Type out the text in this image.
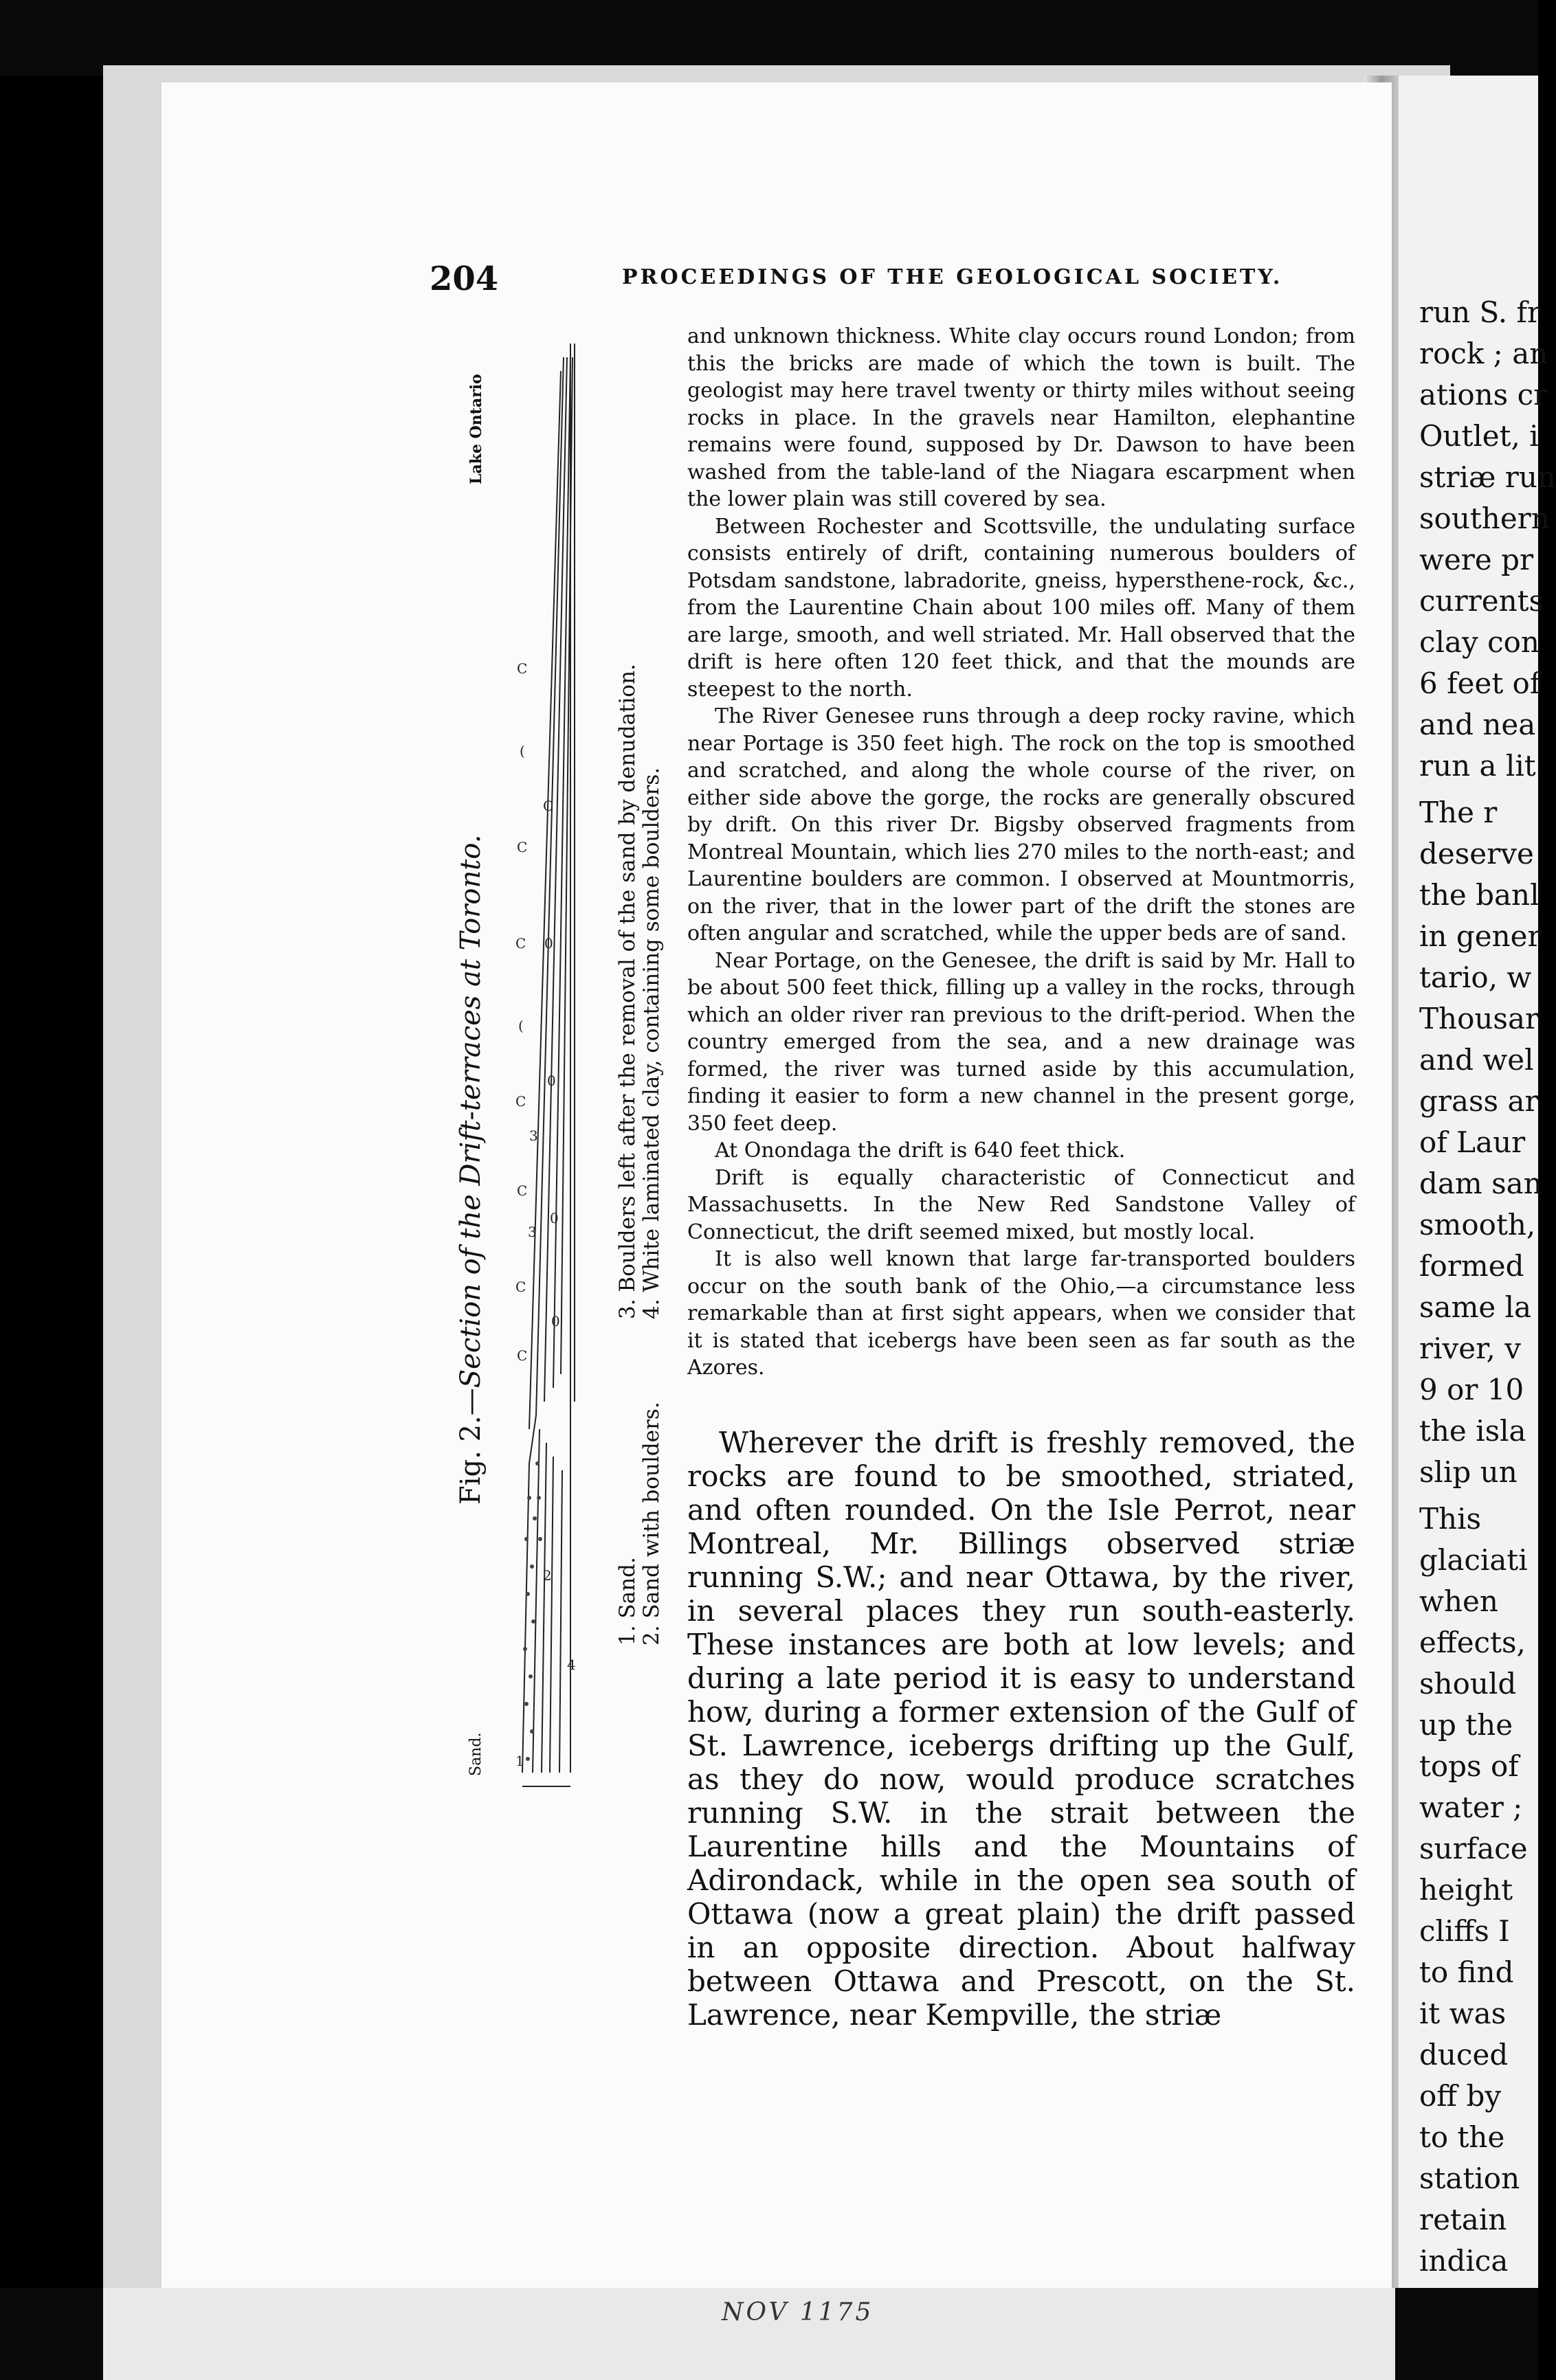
run S. fr
rock ; an
ations cr
Outlet, i
striæ run
southern
were pr
currents
clay con
6 feet of
and nea
run a lit
The r
deserve
the banl
in gener
tario, w
Thousar
and wel
grass ar
of Laur
dam san
smooth,
formed
same la
river, v
9 or 10
the isla
slip un
This
glaciati
when
effects,
should
up the
tops of
water ;
surface
height
cliffs I
to find
it was
duced
off by
to the
station
retain
indica
NOV 1175
204	PROCEEDINGS OF THE GEOLOGICAL SOCIETY.
Fig. 2.—Section of the Drift-terraces at Toronto.
Lake Ontario
Sand.
1. Sand. 2. Sand with boulders.
3. Boulders left after the removal of the sand by denudation. 4. White laminated clay, containing some boulders.
C
(
C
C
(
C
C
C
C
C
0
0
0
0
3
3
2
4
1

and unknown thickness. White clay occurs round London; from this the bricks are made of which the town is built. The geologist may here travel twenty or thirty miles without seeing rocks in place. In the gravels near Hamilton, elephantine remains were found, supposed by Dr. Dawson to have been washed from the table-land of the Niagara escarpment when the lower plain was still covered by sea.

Between Rochester and Scottsville, the undulating surface consists entirely of drift, containing numerous boulders of Potsdam sandstone, labradorite, gneiss, hypersthene-rock, &c., from the Laurentine Chain about 100 miles off. Many of them are large, smooth, and well striated. Mr. Hall observed that the drift is here often 120 feet thick, and that the mounds are steepest to the north.

The River Genesee runs through a deep rocky ravine, which near Portage is 350 feet high. The rock on the top is smoothed and scratched, and along the whole course of the river, on either side above the gorge, the rocks are generally obscured by drift. On this river Dr. Bigsby observed fragments from Montreal Mountain, which lies 270 miles to the north-east; and Laurentine boulders are common. I observed at Mountmorris, on the river, that in the lower part of the drift the stones are often angular and scratched, while the upper beds are of sand.

Near Portage, on the Genesee, the drift is said by Mr. Hall to be about 500 feet thick, filling up a valley in the rocks, through which an older river ran previous to the drift-period. When the country emerged from the sea, and a new drainage was formed, the river was turned aside by this accumulation, finding it easier to form a new channel in the present gorge, 350 feet deep.

At Onondaga the drift is 640 feet thick.

Drift is equally characteristic of Connecticut and Massachusetts. In the New Red Sandstone Valley of Connecticut, the drift seemed mixed, but mostly local.

It is also well known that large far-transported boulders occur on the south bank of the Ohio,—a circumstance less remarkable than at first sight appears, when we consider that it is stated that icebergs have been seen as far south as the Azores.

Wherever the drift is freshly removed, the rocks are found to be smoothed, striated, and often rounded. On the Isle Perrot, near Montreal, Mr. Billings observed striæ running S.W.; and near Ottawa, by the river, in several places they run south-easterly. These instances are both at low levels; and during a late period it is easy to understand how, during a former extension of the Gulf of St. Lawrence, icebergs drifting up the Gulf, as they do now, would produce scratches running S.W. in the strait between the Laurentine hills and the Mountains of Adirondack, while in the open sea south of Ottawa (now a great plain) the drift passed in an opposite direction. About halfway between Ottawa and Prescott, on the St. Lawrence, near Kempville, the striæ
